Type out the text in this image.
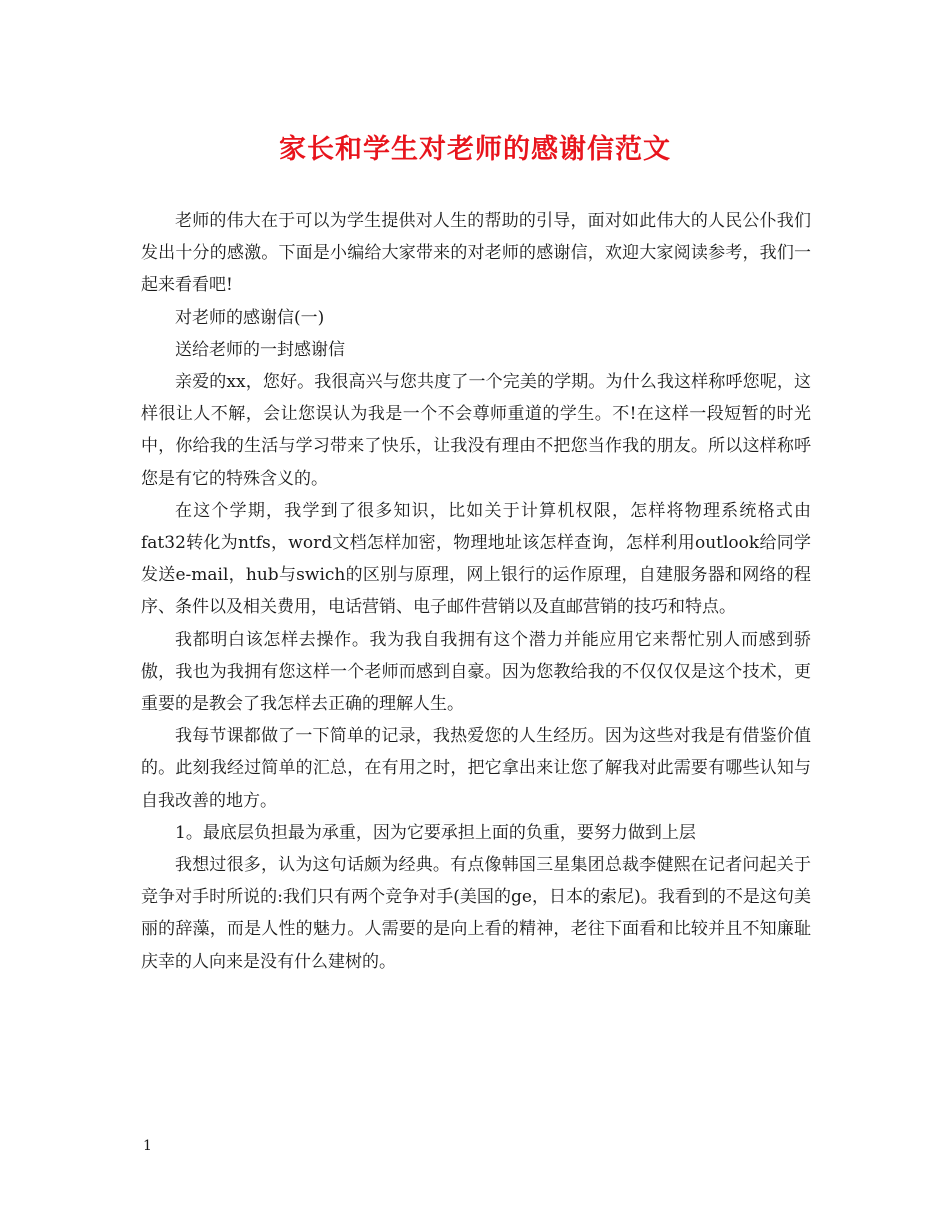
家长和学生对老师的感谢信范文

老师的伟大在于可以为学生提供对人生的帮助的引导，面对如此伟大的人民公仆我们发出十分的感激。下面是小编给大家带来的对老师的感谢信，欢迎大家阅读参考，我们一起来看看吧!

对老师的感谢信(一)

送给老师的一封感谢信

亲爱的xx，您好。我很高兴与您共度了一个完美的学期。为什么我这样称呼您呢，这样很让人不解，会让您误认为我是一个不会尊师重道的学生。不!在这样一段短暂的时光中，你给我的生活与学习带来了快乐，让我没有理由不把您当作我的朋友。所以这样称呼您是有它的特殊含义的。

在这个学期，我学到了很多知识，比如关于计算机权限，怎样将物理系统格式由fat32转化为ntfs，word文档怎样加密，物理地址该怎样查询，怎样利用outlook给同学发送e-mail，hub与swich的区别与原理，网上银行的运作原理，自建服务器和网络的程序、条件以及相关费用，电话营销、电子邮件营销以及直邮营销的技巧和特点。

我都明白该怎样去操作。我为我自我拥有这个潜力并能应用它来帮忙别人而感到骄傲，我也为我拥有您这样一个老师而感到自豪。因为您教给我的不仅仅仅是这个技术，更重要的是教会了我怎样去正确的理解人生。

我每节课都做了一下简单的记录，我热爱您的人生经历。因为这些对我是有借鉴价值的。此刻我经过简单的汇总，在有用之时，把它拿出来让您了解我对此需要有哪些认知与自我改善的地方。

1。最底层负担最为承重，因为它要承担上面的负重，要努力做到上层

我想过很多，认为这句话颇为经典。有点像韩国三星集团总裁李健熙在记者问起关于竞争对手时所说的:我们只有两个竞争对手(美国的ge，日本的索尼)。我看到的不是这句美丽的辞藻，而是人性的魅力。人需要的是向上看的精神，老往下面看和比较并且不知廉耻庆幸的人向来是没有什么建树的。

1
